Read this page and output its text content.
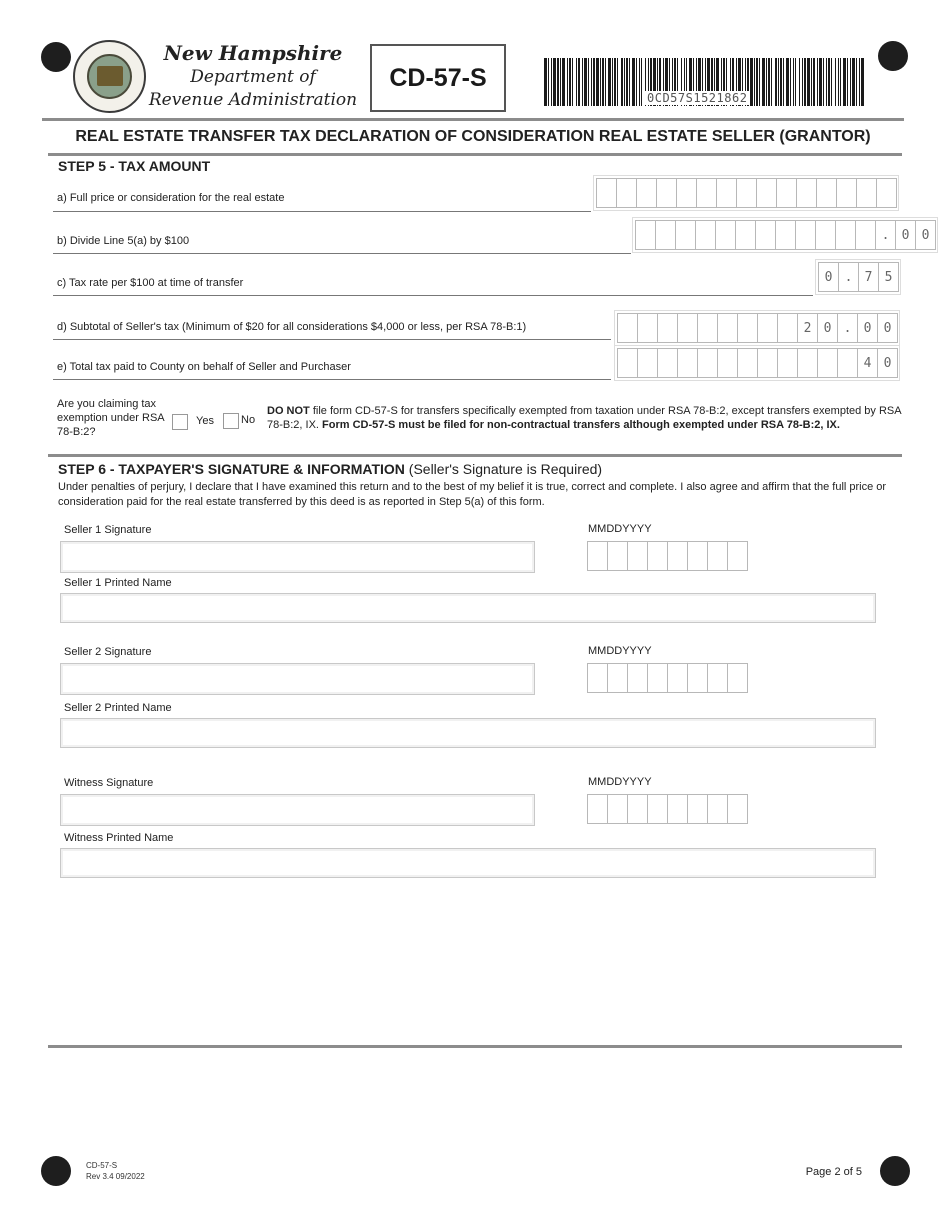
New Hampshire
Department of
Revenue Administration
CD-57-S
0CD57S1521862
REAL ESTATE TRANSFER TAX DECLARATION OF CONSIDERATION REAL ESTATE SELLER (GRANTOR)
STEP 5 - TAX AMOUNT
a) Full price or consideration for the real estate
b) Divide Line 5(a) by $100	. 0 0
c) Tax rate per $100 at time of transfer	0 . 7 5
d) Subtotal of Seller's tax (Minimum of $20 for all considerations $4,000 or less, per RSA 78-B:1)	2 0 . 0 0
e) Total tax paid to County on behalf of Seller and Purchaser	4 0
Are you claiming tax exemption under RSA 78-B:2?
Yes No
DO NOT file form CD-57-S for transfers specifically exempted from taxation under RSA 78-B:2, except transfers exempted by RSA 78-B:2, IX. Form CD-57-S must be filed for non-contractual transfers although exempted under RSA 78-B:2, IX.
STEP 6 - TAXPAYER'S SIGNATURE & INFORMATION (Seller's Signature is Required)
Under penalties of perjury, I declare that I have examined this return and to the best of my belief it is true, correct and complete. I also agree and affirm that the full price or consideration paid for the real estate transferred by this deed is as reported in Step 5(a) of this form.
Seller 1 Signature	MMDDYYYY
Seller 1 Printed Name
Seller 2 Signature	MMDDYYYY
Seller 2 Printed Name
Witness Signature	MMDDYYYY
Witness Printed Name
CD-57-S
Rev 3.4 09/2022	Page 2 of 5
